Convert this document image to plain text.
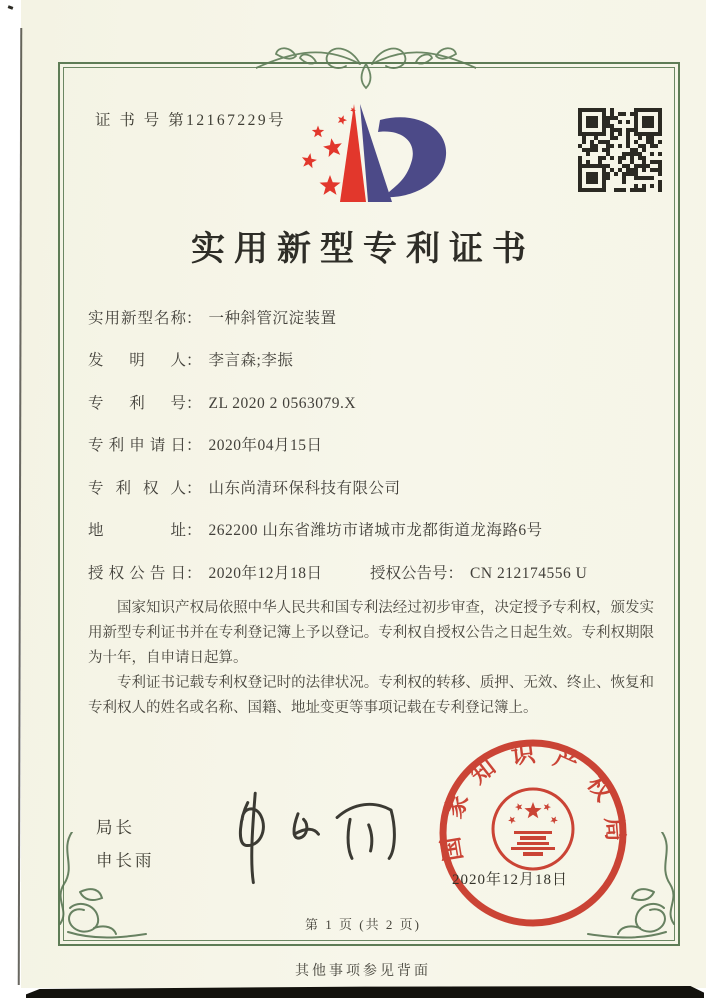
证 书 号 第12167229号
实用新型专利证书
实用新型名称： 一种斜管沉淀装置
发明人： 李言森;李振
专利号： ZL 2020 2 0563079.X
专利申请日： 2020年04月15日
专利权人： 山东尚清环保科技有限公司
地址： 262200 山东省潍坊市诸城市龙都街道龙海路6号
授权公告日： 2020年12月18日	授权公告号： CN 212174556 U

国家知识产权局依照中华人民共和国专利法经过初步审查，决定授予专利权，颁发实用新型专利证书并在专利登记簿上予以登记。专利权自授权公告之日起生效。专利权期限为十年，自申请日起算。

专利证书记载专利权登记时的法律状况。专利权的转移、质押、无效、终止、恢复和专利权人的姓名或名称、国籍、地址变更等事项记载在专利登记簿上。

局长
申长雨	国家知识产权局
2020年12月18日
第 1 页 (共 2 页)
其他事项参见背面
